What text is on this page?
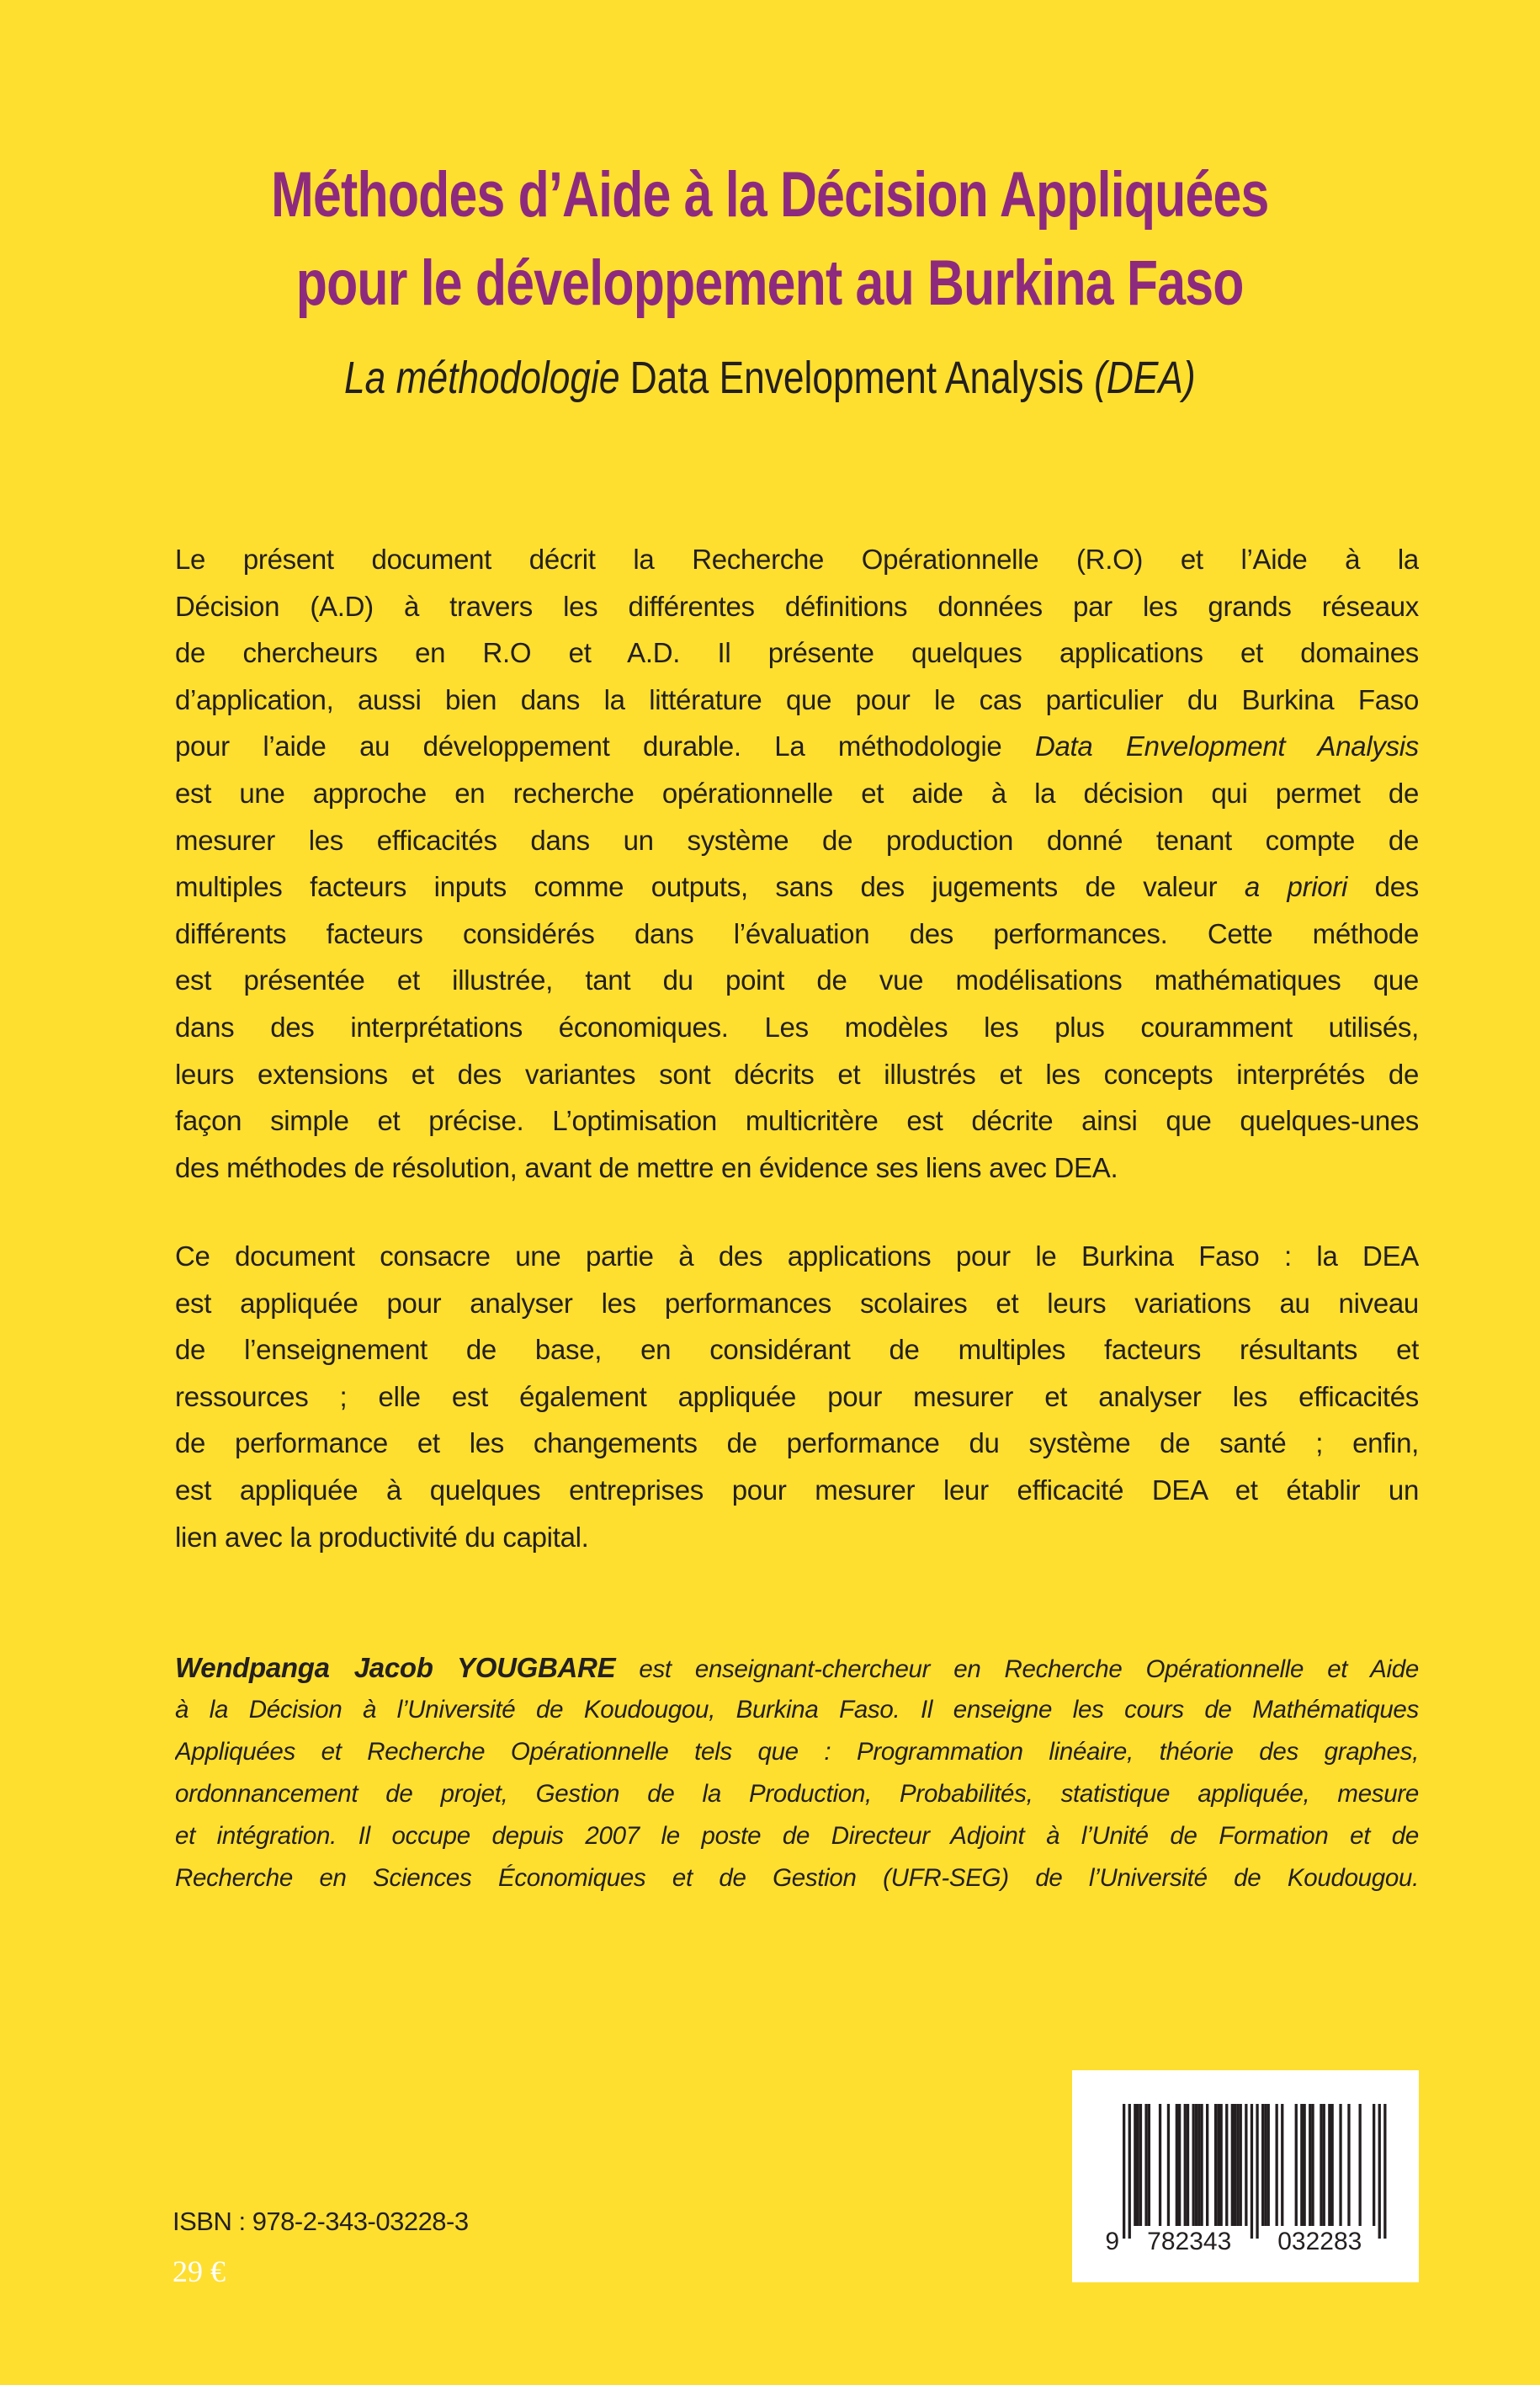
Méthodes d’Aide à la Décision Appliquées
pour le développement au Burkina Faso
La méthodologie Data Envelopment Analysis (DEA)
Le présent document décrit la Recherche Opérationnelle (R.O) et l’Aide à la
Décision (A.D) à travers les différentes définitions données par les grands réseaux
de chercheurs en R.O et A.D. Il présente quelques applications et domaines
d’application, aussi bien dans la littérature que pour le cas particulier du Burkina Faso
pour l’aide au développement durable. La méthodologie Data Envelopment Analysis
est une approche en recherche opérationnelle et aide à la décision qui permet de
mesurer les efficacités dans un système de production donné tenant compte de
multiples facteurs inputs comme outputs, sans des jugements de valeur a priori des
différents facteurs considérés dans l’évaluation des performances. Cette méthode
est présentée et illustrée, tant du point de vue modélisations mathématiques que
dans des interprétations économiques. Les modèles les plus couramment utilisés,
leurs extensions et des variantes sont décrits et illustrés et les concepts interprétés de
façon simple et précise. L’optimisation multicritère est décrite ainsi que quelques-unes
des méthodes de résolution, avant de mettre en évidence ses liens avec DEA.
Ce document consacre une partie à des applications pour le Burkina Faso : la DEA
est appliquée pour analyser les performances scolaires et leurs variations au niveau
de l’enseignement de base, en considérant de multiples facteurs résultants et
ressources ; elle est également appliquée pour mesurer et analyser les efficacités
de performance et les changements de performance du système de santé ; enfin,
est appliquée à quelques entreprises pour mesurer leur efficacité DEA et établir un
lien avec la productivité du capital.
Wendpanga Jacob YOUGBARE est enseignant-chercheur en Recherche Opérationnelle et Aide
à la Décision à l’Université de Koudougou, Burkina Faso. Il enseigne les cours de Mathématiques
Appliquées et Recherche Opérationnelle tels que : Programmation linéaire, théorie des graphes,
ordonnancement de projet, Gestion de la Production, Probabilités, statistique appliquée, mesure
et intégration. Il occupe depuis 2007 le poste de Directeur Adjoint à l’Unité de Formation et de
Recherche en Sciences Économiques et de Gestion (UFR-SEG) de l’Université de Koudougou.
ISBN : 978-2-343-03228-3
29 €
9 782343 032283
